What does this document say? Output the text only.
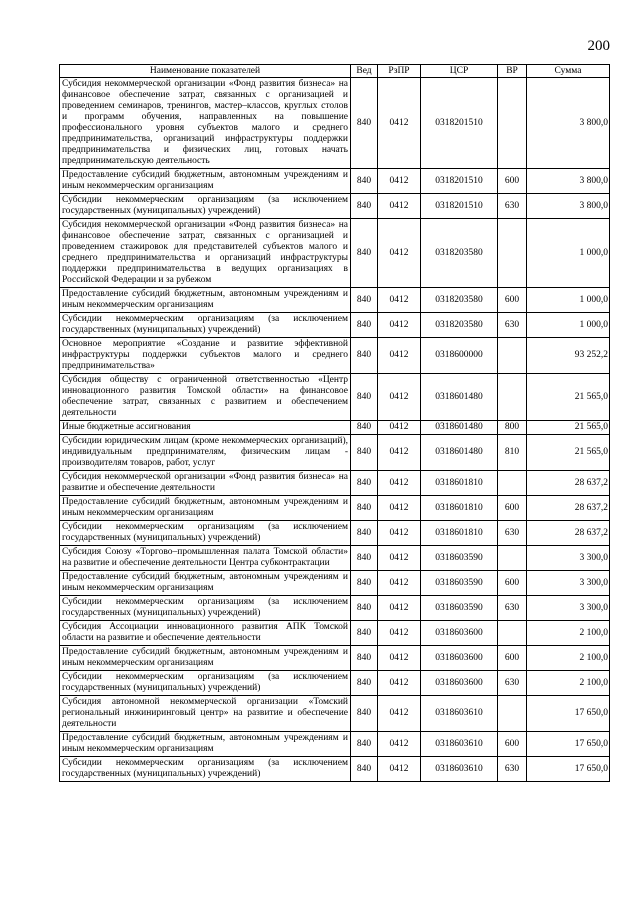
200
Наименование показателей	Вед	РзПР	ЦСР	ВР	Сумма
Субсидия некоммерческой организации «Фонд развития бизнеса» на финансовое обеспечение затрат, связанных с организацией и проведением семинаров, тренингов, мастер–классов, круглых столов и программ обучения, направленных на повышение профессионального уровня субъектов малого и среднего предпринимательства, организаций инфраструктуры поддержки предпринимательства и физических лиц, готовых начать предпринимательскую деятельность	840	0412	0318201510		3 800,0
Предоставление субсидий бюджетным, автономным учреждениям и иным некоммерческим организациям	840	0412	0318201510	600	3 800,0
Субсидии некоммерческим организациям (за исключением государственных (муниципальных) учреждений)	840	0412	0318201510	630	3 800,0
Субсидия некоммерческой организации «Фонд развития бизнеса» на финансовое обеспечение затрат, связанных с организацией и проведением стажировок для представителей субъектов малого и среднего предпринимательства и организаций инфраструктуры поддержки предпринимательства в ведущих организациях в Российской Федерации и за рубежом	840	0412	0318203580		1 000,0
Предоставление субсидий бюджетным, автономным учреждениям и иным некоммерческим организациям	840	0412	0318203580	600	1 000,0
Субсидии некоммерческим организациям (за исключением государственных (муниципальных) учреждений)	840	0412	0318203580	630	1 000,0
Основное мероприятие «Создание и развитие эффективной инфраструктуры поддержки субъектов малого и среднего предпринимательства»	840	0412	0318600000		93 252,2
Субсидия обществу с ограниченной ответственностью «Центр инновационного развития Томской области» на финансовое обеспечение затрат, связанных с развитием и обеспечением деятельности	840	0412	0318601480		21 565,0
Иные бюджетные ассигнования	840	0412	0318601480	800	21 565,0
Субсидии юридическим лицам (кроме некоммерческих организаций), индивидуальным предпринимателям, физическим лицам - производителям товаров, работ, услуг	840	0412	0318601480	810	21 565,0
Субсидия некоммерческой организации «Фонд развития бизнеса» на развитие и обеспечение деятельности	840	0412	0318601810		28 637,2
Предоставление субсидий бюджетным, автономным учреждениям и иным некоммерческим организациям	840	0412	0318601810	600	28 637,2
Субсидии некоммерческим организациям (за исключением государственных (муниципальных) учреждений)	840	0412	0318601810	630	28 637,2
Субсидия Союзу «Торгово–промышленная палата Томской области» на развитие и обеспечение деятельности Центра субконтрактации	840	0412	0318603590		3 300,0
Предоставление субсидий бюджетным, автономным учреждениям и иным некоммерческим организациям	840	0412	0318603590	600	3 300,0
Субсидии некоммерческим организациям (за исключением государственных (муниципальных) учреждений)	840	0412	0318603590	630	3 300,0
Субсидия Ассоциации инновационного развития АПК Томской области на развитие и обеспечение деятельности	840	0412	0318603600		2 100,0
Предоставление субсидий бюджетным, автономным учреждениям и иным некоммерческим организациям	840	0412	0318603600	600	2 100,0
Субсидии некоммерческим организациям (за исключением государственных (муниципальных) учреждений)	840	0412	0318603600	630	2 100,0
Субсидия автономной некоммерческой организации «Томский региональный инжиниринговый центр» на развитие и обеспечение деятельности	840	0412	0318603610		17 650,0
Предоставление субсидий бюджетным, автономным учреждениям и иным некоммерческим организациям	840	0412	0318603610	600	17 650,0
Субсидии некоммерческим организациям (за исключением государственных (муниципальных) учреждений)	840	0412	0318603610	630	17 650,0
